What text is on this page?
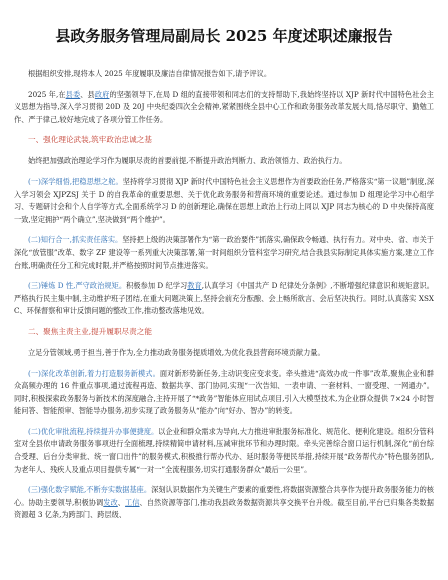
县政务服务管理局副局长 2025 年度述职述廉报告

根据组织安排,现将本人 2025 年度履职及廉洁自律情况报告如下,请予评议。

2025 年,在县委、县政府的坚强领导下,在局 D 组的直接带领和同志们的支持帮助下,我始终坚持以 XJP 新时代中国特色社会主义思想为指导,深入学习贯彻 20D 及 20J 中央纪委四次全会精神,紧紧围绕全县中心工作和政务服务改革发展大局,恪尽职守、勤勉工作、严于律己,较好地完成了各项分管工作任务。

一、强化理论武装,筑牢政治忠诚之基

始终把加强政治理论学习作为履职尽责的首要前提,不断提升政治判断力、政治领悟力、政治执行力。

(一)深学细悟,把稳思想之舵。坚持将学习贯彻 XJP 新时代中国特色社会主义思想作为首要政治任务,严格落实“第一议题”制度,深入学习领会 XJPZSJ 关于 D 的自我革命的重要思想、关于优化政务服务和营商环境的重要论述。通过参加 D 组理论学习中心组学习、专题研讨会和个人自学等方式,全面系统学习 D 的创新理论,确保在思想上政治上行动上同以 XJP 同志为核心的 D 中央保持高度一致,坚定拥护“两个确立”,坚决做到“两个维护”。

(二)知行合一,抓实责任落实。坚持把上级的决策部署作为“第一政治要件”抓落实,确保政令畅通、执行有力。对中央、省、市关于深化“放管服”改革、数字 ZF 建设等一系列重大决策部署,第一时间组织分管科室学习研究,结合我县实际制定具体实施方案,建立工作台账,明确责任分工和完成时限,并严格按照时间节点推进落实。

(三)锤炼 D 性,严守政治规矩。积极参加 D 纪学习教育,认真学习《中国共产 D 纪律处分条例》,不断增强纪律意识和规矩意识。严格执行民主集中制,主动维护班子团结,在重大问题决策上,坚持会前充分酝酿、会上畅所欲言、会后坚决执行。同时,认真落实 XSXC、环保督察和审计反馈问题的整改工作,推动整改落地见效。

二、聚焦主责主业,提升履职尽责之能

立足分管领域,勇于担当,善于作为,全力推动政务服务提质增效,为优化我县营商环境贡献力量。

(一)深化改革创新,着力打造服务新模式。面对新形势新任务,主动识变应变求变。牵头推进“高效办成一件事”改革,聚焦企业和群众高频办理的 16 件重点事项,通过流程再造、数据共享、部门协同,实现“一次告知、一表申请、一套材料、一窗受理、一网通办”。同时,积极探索政务服务与新技术的深度融合,主持开展了“*政务”智能体应用试点项目,引入大模型技术,为企业群众提供 7×24 小时智能问答、智能预审、智能导办服务,初步实现了政务服务从“能办”向“好办、智办”的转变。

(二)优化审批流程,持续提升办事便捷度。以企业和群众需求为导向,大力推进审批服务标准化、规范化、便利化建设。组织分管科室对全县依申请政务服务事项进行全面梳理,持续精简申请材料,压减审批环节和办理时限。牵头完善综合窗口运行机制,深化“前台综合受理、后台分类审批、统一窗口出件”的服务模式,积极推行帮办代办、延时服务等便民举措,持续开展“政务帮代办”特色服务团队,为老年人、残疾人及重点项目提供专属“一对一”全流程服务,切实打通服务群众“最后一公里”。

(三)强化数字赋能,不断夯实数据基座。深刻认识数据作为关键生产要素的重要性,将数据资源整合共享作为提升政务服务能力的核心。协助主要领导,积极协调发改、工信、自然资源等部门,推动我县政务数据资源共享交换平台升级。截至目前,平台已归集各类数据资源超 3 亿条,为跨部门、跨层级、
